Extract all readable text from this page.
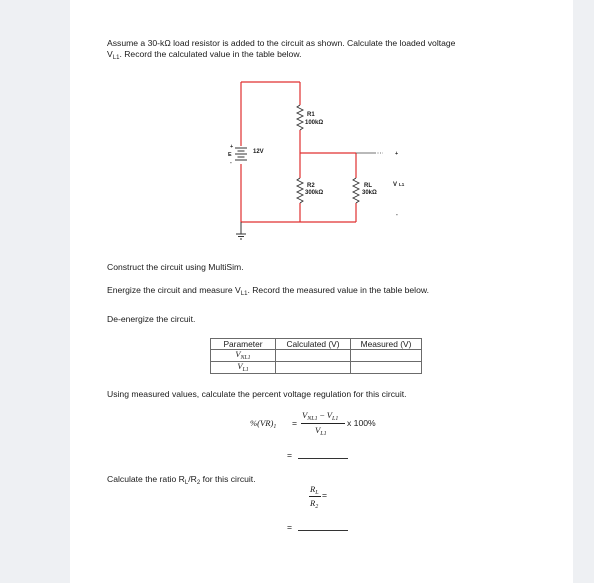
Assume a 30-kΩ load resistor is added to the circuit as shown. Calculate the loaded voltage
$V_{L1}$. Record the calculated value in the table below.
R1
100kΩ
R2
300kΩ
RL
30kΩ
12V
+
E
-
+
V L1
-
Construct the circuit using MultiSim.
Energize the circuit and measure $V_{L1}$. Record the measured value in the table below.
De-energize the circuit.
Parameter	Calculated (V)	Measured (V)
$V_{NL1}$		
$V_{L1}$		
Using measured values, calculate the percent voltage regulation for this circuit.
$\%(VR)_1$ =
$V_{NL1} - V_{L1}$
$V_{L1}$
x 100%
=
Calculate the ratio $R_L/R_2$ for this circuit.
$R_L$
$R_2$
=
=
